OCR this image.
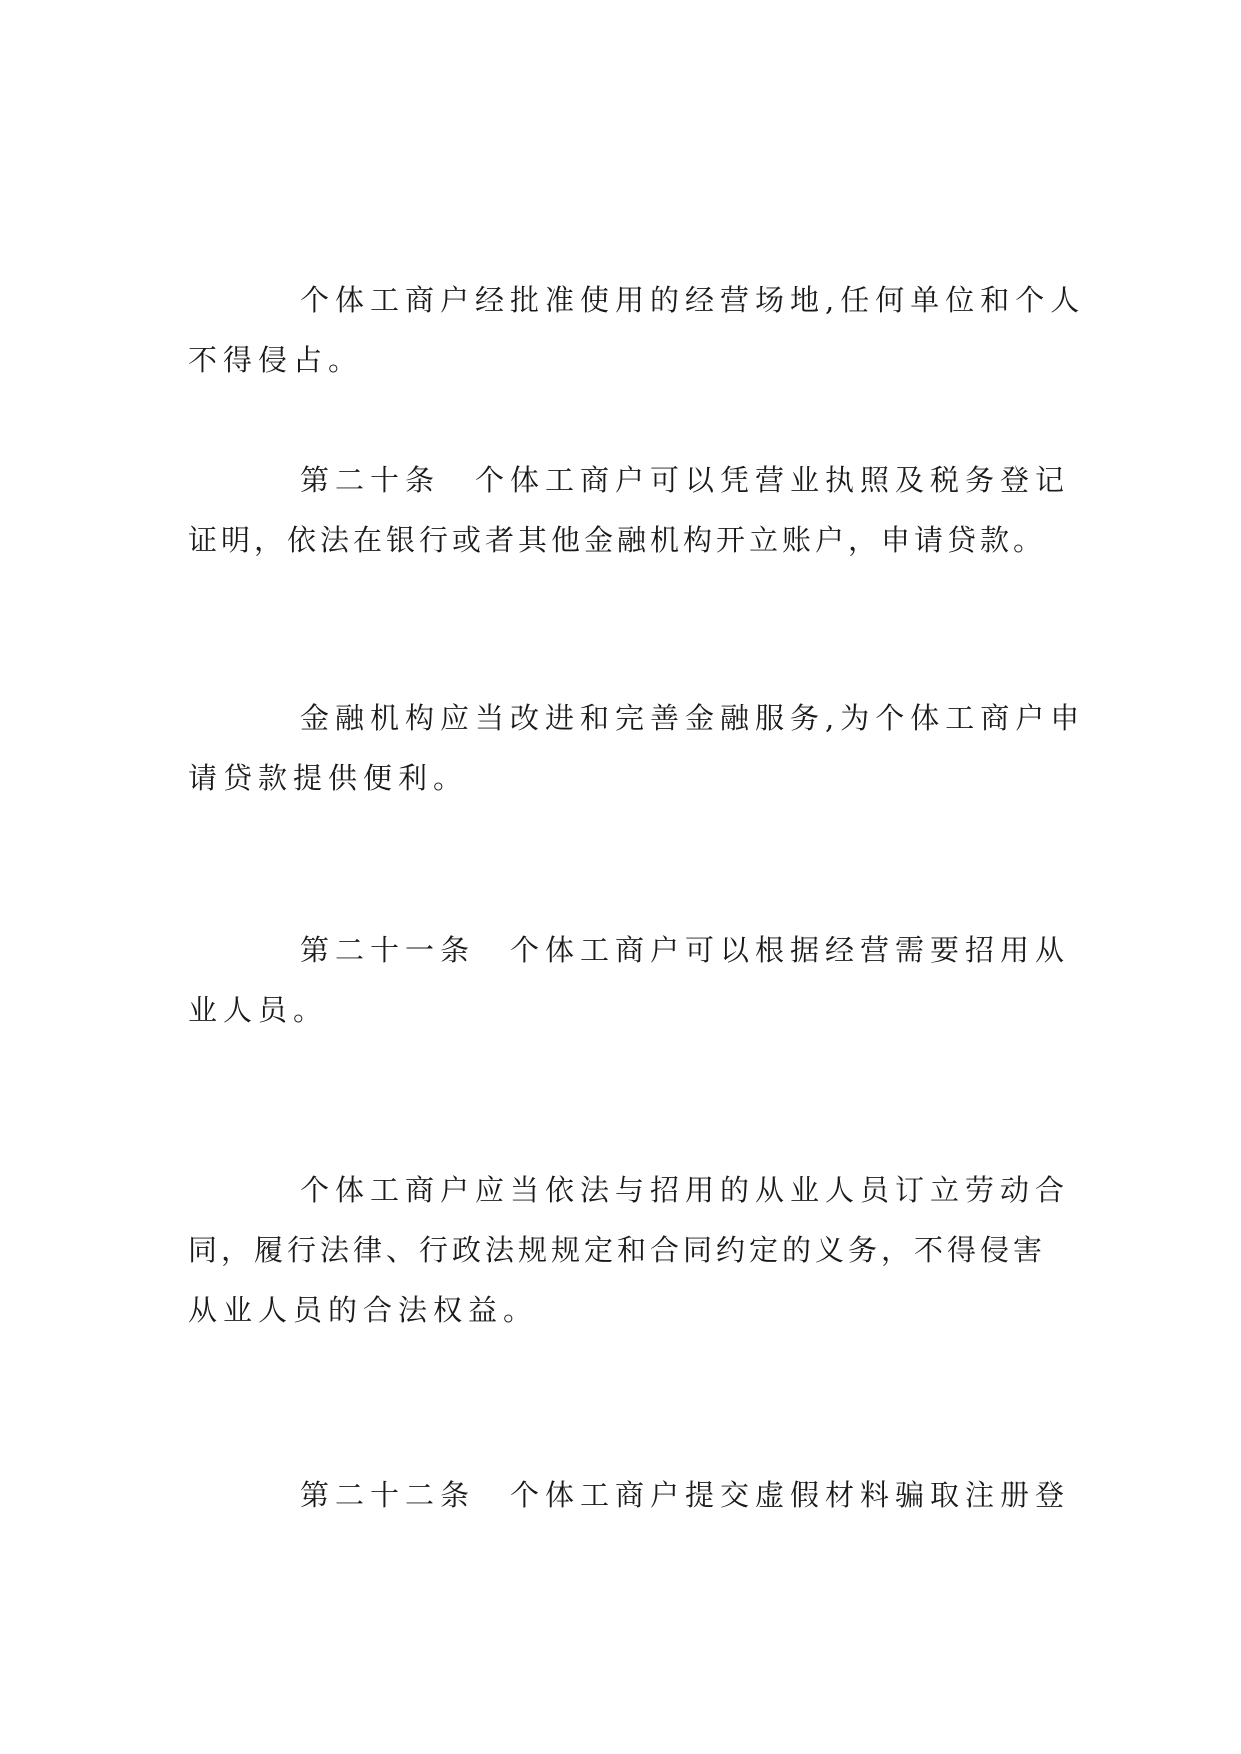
个体工商户经批准使用的经营场地,任何单位和个人
不得侵占。
第二十条　个体工商户可以凭营业执照及税务登记
证明，依法在银行或者其他金融机构开立账户，申请贷款。
金融机构应当改进和完善金融服务,为个体工商户申
请贷款提供便利。
第二十一条　个体工商户可以根据经营需要招用从
业人员。
个体工商户应当依法与招用的从业人员订立劳动合
同，履行法律、行政法规规定和合同约定的义务，不得侵害
从业人员的合法权益。
第二十二条　个体工商户提交虚假材料骗取注册登
